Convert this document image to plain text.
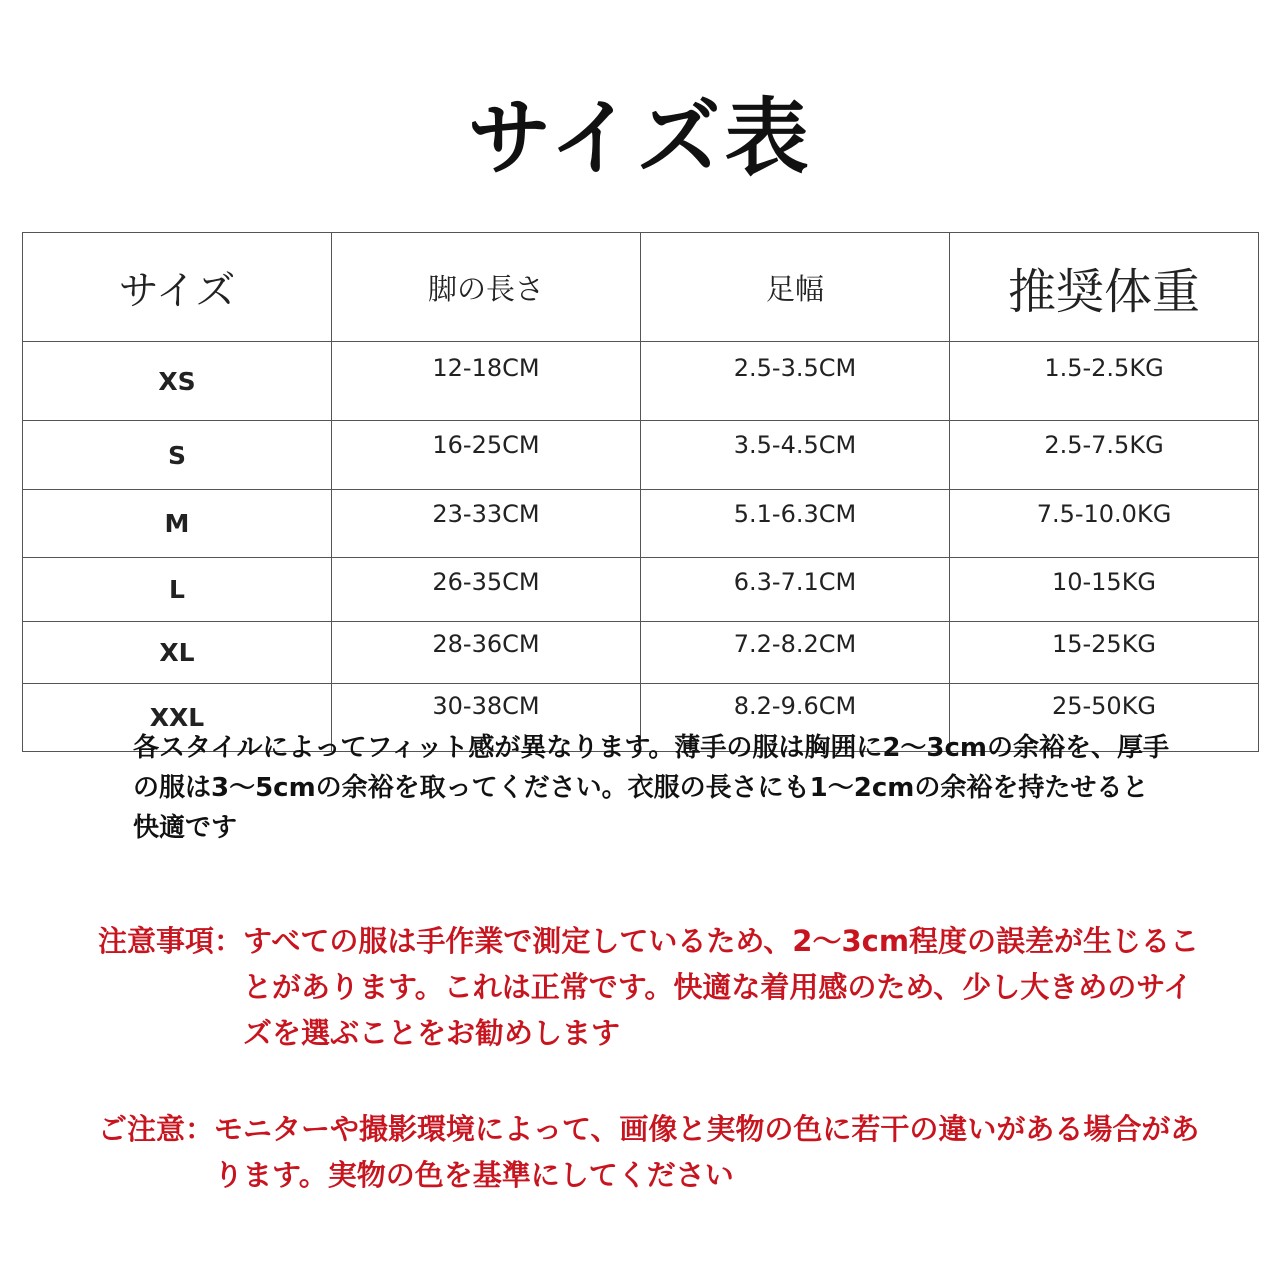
サイズ表
サイズ	脚の長さ	足幅	推奨体重
XS	12-18CM	2.5-3.5CM	1.5-2.5KG
S	16-25CM	3.5-4.5CM	2.5-7.5KG
M	23-33CM	5.1-6.3CM	7.5-10.0KG
L	26-35CM	6.3-7.1CM	10-15KG
XL	28-36CM	7.2-8.2CM	15-25KG
XXL	30-38CM	8.2-9.6CM	25-50KG
各スタイルによってフィット感が異なります。薄手の服は胸囲に2～3cmの余裕を、厚手の服は3～5cmの余裕を取ってください。衣服の長さにも1～2cmの余裕を持たせると快適です
注意事項： すべての服は手作業で測定しているため、2～3cm程度の誤差が生じることがあります。これは正常です。快適な着用感のため、少し大きめのサイズを選ぶことをお勧めします
ご注意： モニターや撮影環境によって、画像と実物の色に若干の違いがある場合があります。実物の色を基準にしてください
